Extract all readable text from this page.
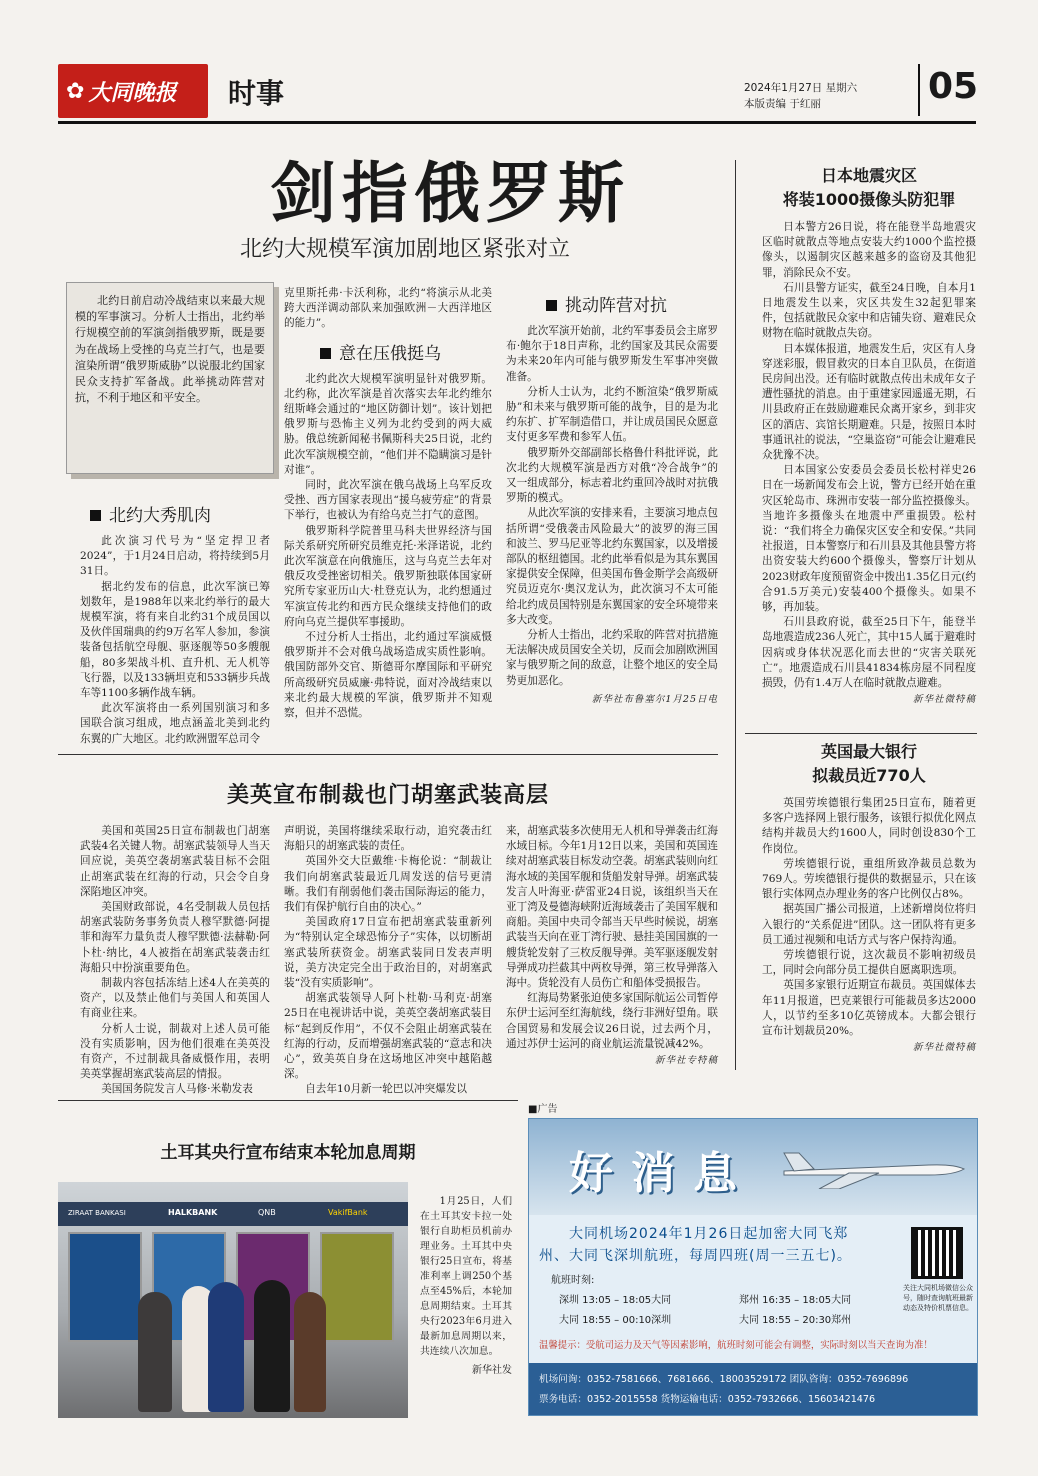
✿ 大同晚报 时事	2024年1月27日 星期六
本版责编 于红丽	05
剑指俄罗斯
北约大规模军演加剧地区紧张对立

北约日前启动冷战结束以来最大规模的军事演习。分析人士指出，北约举行规模空前的军演剑指俄罗斯，既是要为在战场上受挫的乌克兰打气，也是要渲染所谓“俄罗斯威胁”以说服北约国家民众支持扩军备战。此举挑动阵营对抗，不利于地区和平安全。

北约大秀肌肉

此次演习代号为“坚定捍卫者2024”，于1月24日启动，将持续到5月31日。

据北约发布的信息，此次军演已筹划数年，是1988年以来北约举行的最大规模军演，将有来自北约31个成员国以及伙伴国瑞典的约9万名军人参加，参演装备包括航空母舰、驱逐舰等50多艘舰船，80多架战斗机、直升机、无人机等飞行器，以及133辆坦克和533辆步兵战车等1100多辆作战车辆。

此次军演将由一系列国别演习和多国联合演习组成，地点涵盖北美到北约东翼的广大地区。北约欧洲盟军总司令

克里斯托弗·卡沃利称，北约“将演示从北美跨大西洋调动部队来加强欧洲－大西洋地区的能力”。

意在压俄挺乌

北约此次大规模军演明显针对俄罗斯。北约称，此次军演是首次落实去年北约维尔纽斯峰会通过的“地区防御计划”。该计划把俄罗斯与恐怖主义列为北约受到的两大威胁。俄总统新闻秘书佩斯科夫25日说，北约此次军演规模空前，“他们并不隐瞒演习是针对谁”。

同时，此次军演在俄乌战场上乌军反攻受挫、西方国家表现出“援乌疲劳症”的背景下举行，也被认为有给乌克兰打气的意图。

俄罗斯科学院普里马科夫世界经济与国际关系研究所研究员维克托·米泽诺说，北约此次军演意在向俄施压，这与乌克兰去年对俄反攻受挫密切相关。俄罗斯独联体国家研究所专家亚历山大·杜登克认为，北约想通过军演宣传北约和西方民众继续支持他们的政府向乌克兰提供军事援助。

不过分析人士指出，北约通过军演威慑俄罗斯并不会对俄乌战场造成实质性影响。俄国防部外交官、斯德哥尔摩国际和平研究所高级研究员威廉·弗特说，面对冷战结束以来北约最大规模的军演，俄罗斯并不知观察，但并不恐慌。

挑动阵营对抗

此次军演开始前，北约军事委员会主席罗布·鲍尔于18日声称，北约国家及其民众需要为未来20年内可能与俄罗斯发生军事冲突做准备。

分析人士认为，北约不断渲染“俄罗斯威胁”和未来与俄罗斯可能的战争，目的是为北约东扩、扩军制造借口，并让成员国民众愿意支付更多军费和参军人伍。

俄罗斯外交部副部长格鲁什科批评说，此次北约大规模军演是西方对俄“冷合战争”的又一组成部分，标志着北约重回冷战时对抗俄罗斯的模式。

从此次军演的安排来看，主要演习地点包括所谓“受俄袭击风险最大”的波罗的海三国和波兰、罗马尼亚等北约东翼国家，以及增援部队的枢纽德国。北约此举看似是为其东翼国家提供安全保障，但美国布鲁金斯学会高级研究员迈克尔·奥汉龙认为，此次演习不太可能给北约成员国特别是东翼国家的安全环境带来多大改变。

分析人士指出，北约采取的阵营对抗措施无法解决成员国安全关切，反而会加剧欧洲国家与俄罗斯之间的敌意，让整个地区的安全局势更加恶化。

新华社布鲁塞尔1月25日电
日本地震灾区
将装1000摄像头防犯罪

日本警方26日说，将在能登半岛地震灾区临时就散点等地点安装大约1000个监控摄像头，以遏制灾区越来越多的盗窃及其他犯罪，消除民众不安。

石川县警方证实，截至24日晚，自本月1日地震发生以来，灾区共发生32起犯罪案件，包括就散民众家中和店铺失窃、避难民众财物在临时就散点失窃。

日本媒体报道，地震发生后，灾区有人身穿迷彩服，假冒救灾的日本自卫队员，在街道民房间出没。还有临时就散点传出未成年女子遭性骚扰的消息。由于重建家园遥遥无期，石川县政府正在鼓励避难民众离开家乡，到非灾区的酒店、宾馆长期避难。只是，按照日本时事通讯社的说法，“空巢盗窃”可能会让避难民众犹豫不决。

日本国家公安委员会委员长松村祥史26日在一场新闻发布会上说，警方已经开始在重灾区轮岛市、珠洲市安装一部分监控摄像头。当地许多摄像头在地震中严重损毁。松村说：“我们将全力确保灾区安全和安保。”共同社报道，日本警察厅和石川县及其他县警方将出资安装大约600个摄像头，警察厅计划从2023财政年度预留资金中拨出1.35亿日元(约合91.5万美元)安装400个摄像头。如果不够，再加装。

石川县政府说，截至25日下午，能登半岛地震造成236人死亡，其中15人属于避难时因病或身体状况恶化而去世的“灾害关联死亡”。地震造成石川县41834栋房屋不同程度损毁，仍有1.4万人在临时就散点避难。

新华社微特稿
英国最大银行
拟裁员近770人

英国劳埃德银行集团25日宣布，随着更多客户选择网上银行服务，该银行拟优化网点结构并裁员大约1600人，同时创设830个工作岗位。

劳埃德银行说，重组所致净裁员总数为769人。劳埃德银行提供的数据显示，只在该银行实体网点办理业务的客户比例仅占8%。

据英国广播公司报道，上述新增岗位将归入银行的“关系促进”团队。这一团队将有更多员工通过视频和电话方式与客户保持沟通。

劳埃德银行说，这次裁员不影响初级员工，同时会向部分员工提供自愿离职选项。

英国多家银行近期宣布裁员。英国媒体去年11月报道，巴克莱银行可能裁员多达2000人，以节约至多10亿英镑成本。大都会银行宣布计划裁员20%。

新华社微特稿
美英宣布制裁也门胡塞武装高层

美国和英国25日宣布制裁也门胡塞武装4名关键人物。胡塞武装领导人当天回应说，美英空袭胡塞武装目标不会阻止胡塞武装在红海的行动，只会令自身深陷地区冲突。

美国财政部说，4名受制裁人员包括胡塞武装防务事务负责人穆罕默德·阿提菲和海军力量负责人穆罕默德·法赫勒·阿卜杜·纳比，4人被指在胡塞武装袭击红海船只中扮演重要角色。

制裁内容包括冻结上述4人在美英的资产，以及禁止他们与美国人和英国人有商业往来。

分析人士说，制裁对上述人员可能没有实质影响，因为他们很难在美英没有资产，不过制裁具备威慑作用，表明美英掌握胡塞武装高层的情报。

美国国务院发言人马修·米勒发表

声明说，美国将继续采取行动，追究袭击红海船只的胡塞武装的责任。

英国外交大臣戴维·卡梅伦说：“制裁让我们向胡塞武装最近几周发送的信号更清晰。我们有削弱他们袭击国际海运的能力，我们有保护航行自由的决心。”

美国政府17日宣布把胡塞武装重新列为“特别认定全球恐怖分子”实体，以切断胡塞武装所获资金。胡塞武装同日发表声明说，美方决定完全出于政治目的，对胡塞武装“没有实质影响”。

胡塞武装领导人阿卜杜勒·马利克·胡塞25日在电视讲话中说，美英空袭胡塞武装目标“起到反作用”，不仅不会阻止胡塞武装在红海的行动，反而增强胡塞武装的“意志和决心”，致美英自身在这场地区冲突中越陷越深。

自去年10月新一轮巴以冲突爆发以

来，胡塞武装多次使用无人机和导弹袭击红海水域目标。今年1月12日以来，美国和英国连续对胡塞武装目标发动空袭。胡塞武装则向红海水域的美国军舰和货船发射导弹。胡塞武装发言人叶海亚·萨雷亚24日说，该组织当天在亚丁湾及曼德海峡附近海域袭击了美国军舰和商船。美国中央司令部当天早些时候说，胡塞武装当天向在亚丁湾行驶、悬挂美国国旗的一艘货轮发射了三枚反舰导弹。美军驱逐舰发射导弹成功拦截其中两枚导弹，第三枚导弹落入海中。货轮没有人员伤亡和船体受损报告。

红海局势紧张迫使多家国际航运公司暂停东伊士运河至红海航线，绕行非洲好望角。联合国贸易和发展会议26日说，过去两个月，通过苏伊士运河的商业航运流量锐减42%。

新华社专特稿
土耳其央行宣布结束本轮加息周期
ZIRAAT BANKASI	HALKBANK	QNB	VakifBank

1月25日，人们在土耳其安卡拉一处银行自助柜员机前办理业务。土耳其中央银行25日宣布，将基准利率上调250个基点至45%后，本轮加息周期结束。土耳其央行2023年6月进入最新加息周期以来，共连续八次加息。

新华社发
■广告
好消息
大同机场2024年1月26日起加密大同飞郑
州、大同飞深圳航班，每周四班(周一三五七)。
航班时刻:
深圳 13:05 – 18:05大同	郑州 16:35 – 18:05大同
大同 18:55 – 00:10深圳	大同 18:55 – 20:30郑州
关注大同机场微信公众号，随时查询航班最新动态及特价机票信息。
温馨提示：受航司运力及天气等因素影响，航班时刻可能会有调整，实际时刻以当天查询为准！
机场问询：0352-7581666、7681666、18003529172 团队咨询：0352-7696896
票务电话：0352-2015558 货物运输电话：0352-7932666、15603421476
